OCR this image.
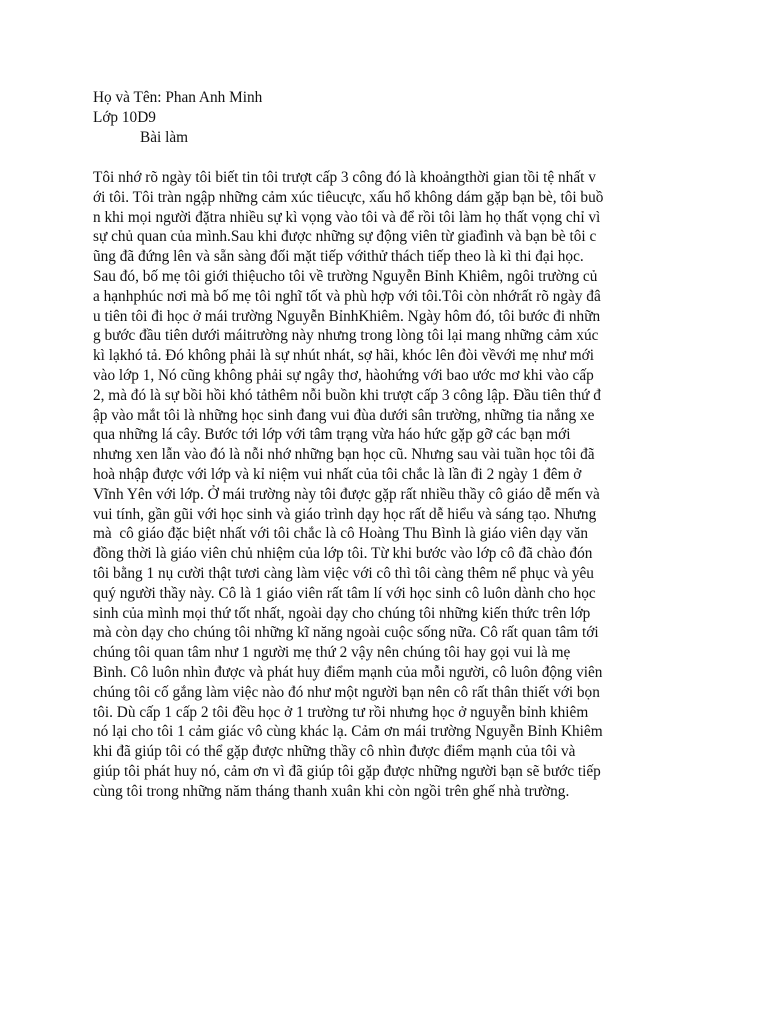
Họ và Tên: Phan Anh Minh
Lớp 10D9
Bài làm
Tôi nhớ rõ ngày tôi biết tin tôi trượt cấp 3 công đó là khoảngthời gian tồi tệ nhất v
ới tôi. Tôi tràn ngập những cảm xúc tiêucực, xấu hổ không dám gặp bạn bè, tôi buồ
n khi mọi người đặtra nhiều sự kì vọng vào tôi và để rồi tôi làm họ thất vọng chỉ vì
sự chủ quan của mình.Sau khi được những sự động viên từ giađình và bạn bè tôi c
ũng đã đứng lên và sẵn sàng đối mặt tiếp vớithử thách tiếp theo là kì thi đại học.
Sau đó, bố mẹ tôi giới thiệucho tôi về trường Nguyễn Bỉnh Khiêm, ngôi trường củ
a hạnhphúc nơi mà bố mẹ tôi nghĩ tốt và phù hợp với tôi.Tôi còn nhớrất rõ ngày đâ
u tiên tôi đi học ở mái trường Nguyễn BỉnhKhiêm. Ngày hôm đó, tôi bước đi nhữn
g bước đầu tiên dưới máitrường này nhưng trong lòng tôi lại mang những cảm xúc
kì lạkhó tả. Đó không phải là sự nhút nhát, sợ hãi, khóc lên đòi vềvới mẹ như mới
vào lớp 1, Nó cũng không phải sự ngây thơ, hàohứng với bao ước mơ khi vào cấp
2, mà đó là sự bồi hồi khó tảthêm nỗi buồn khi trượt cấp 3 công lập. Đầu tiên thứ đ
ập vào mắt tôi là những học sinh đang vui đùa dưới sân trường, những tia nắng xe
qua những lá cây. Bước tới lớp với tâm trạng vừa háo hức gặp gỡ các bạn mới
nhưng xen lẫn vào đó là nỗi nhớ những bạn học cũ. Nhưng sau vài tuần học tôi đã
hoà nhập được với lớp và kỉ niệm vui nhất của tôi chắc là lần đi 2 ngày 1 đêm ở
Vĩnh Yên với lớp. Ở mái trường này tôi được gặp rất nhiều thầy cô giáo dễ mến và
vui tính, gần gũi với học sinh và giáo trình dạy học rất dễ hiểu và sáng tạo. Nhưng
mà  cô giáo đặc biệt nhất với tôi chắc là cô Hoàng Thu Bình là giáo viên dạy văn
đồng thời là giáo viên chủ nhiệm của lớp tôi. Từ khi bước vào lớp cô đã chào đón
tôi bằng 1 nụ cười thật tươi càng làm việc với cô thì tôi càng thêm nể phục và yêu
quý người thầy này. Cô là 1 giáo viên rất tâm lí với học sinh cô luôn dành cho học
sinh của mình mọi thứ tốt nhất, ngoài dạy cho chúng tôi những kiến thức trên lớp
mà còn dạy cho chúng tôi những kĩ năng ngoài cuộc sống nữa. Cô rất quan tâm tới
chúng tôi quan tâm như 1 người mẹ thứ 2 vậy nên chúng tôi hay gọi vui là mẹ
Bình. Cô luôn nhìn được và phát huy điểm mạnh của mỗi người, cô luôn động viên
chúng tôi cố gắng làm việc nào đó như một người bạn nên cô rất thân thiết với bọn
tôi. Dù cấp 1 cấp 2 tôi đều học ở 1 trường tư rồi nhưng học ở nguyễn bỉnh khiêm
nó lại cho tôi 1 cảm giác vô cùng khác lạ. Cảm ơn mái trường Nguyễn Bỉnh Khiêm
khi đã giúp tôi có thể gặp được những thầy cô nhìn được điểm mạnh của tôi và
giúp tôi phát huy nó, cảm ơn vì đã giúp tôi gặp được những người bạn sẽ bước tiếp
cùng tôi trong những năm tháng thanh xuân khi còn ngồi trên ghế nhà trường.
